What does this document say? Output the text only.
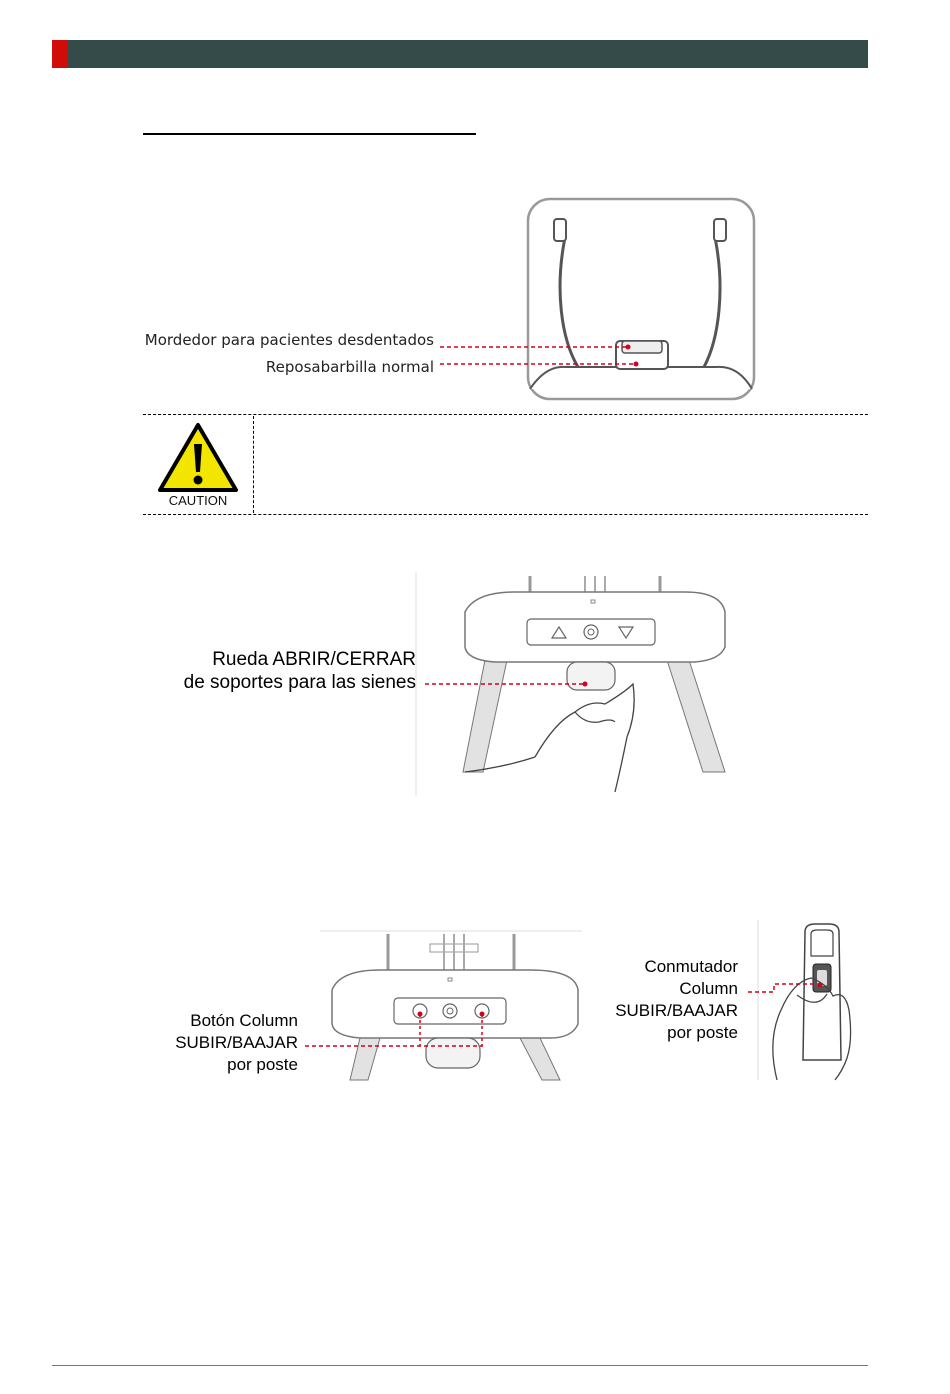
Mordedor para pacientes desdentados
Reposabarbilla normal
CAUTION
Rueda ABRIR/CERRAR
de soportes para las sienes
Botón Column
SUBIR/BAAJAR
por poste
Conmutador
Column
SUBIR/BAAJAR
por poste
